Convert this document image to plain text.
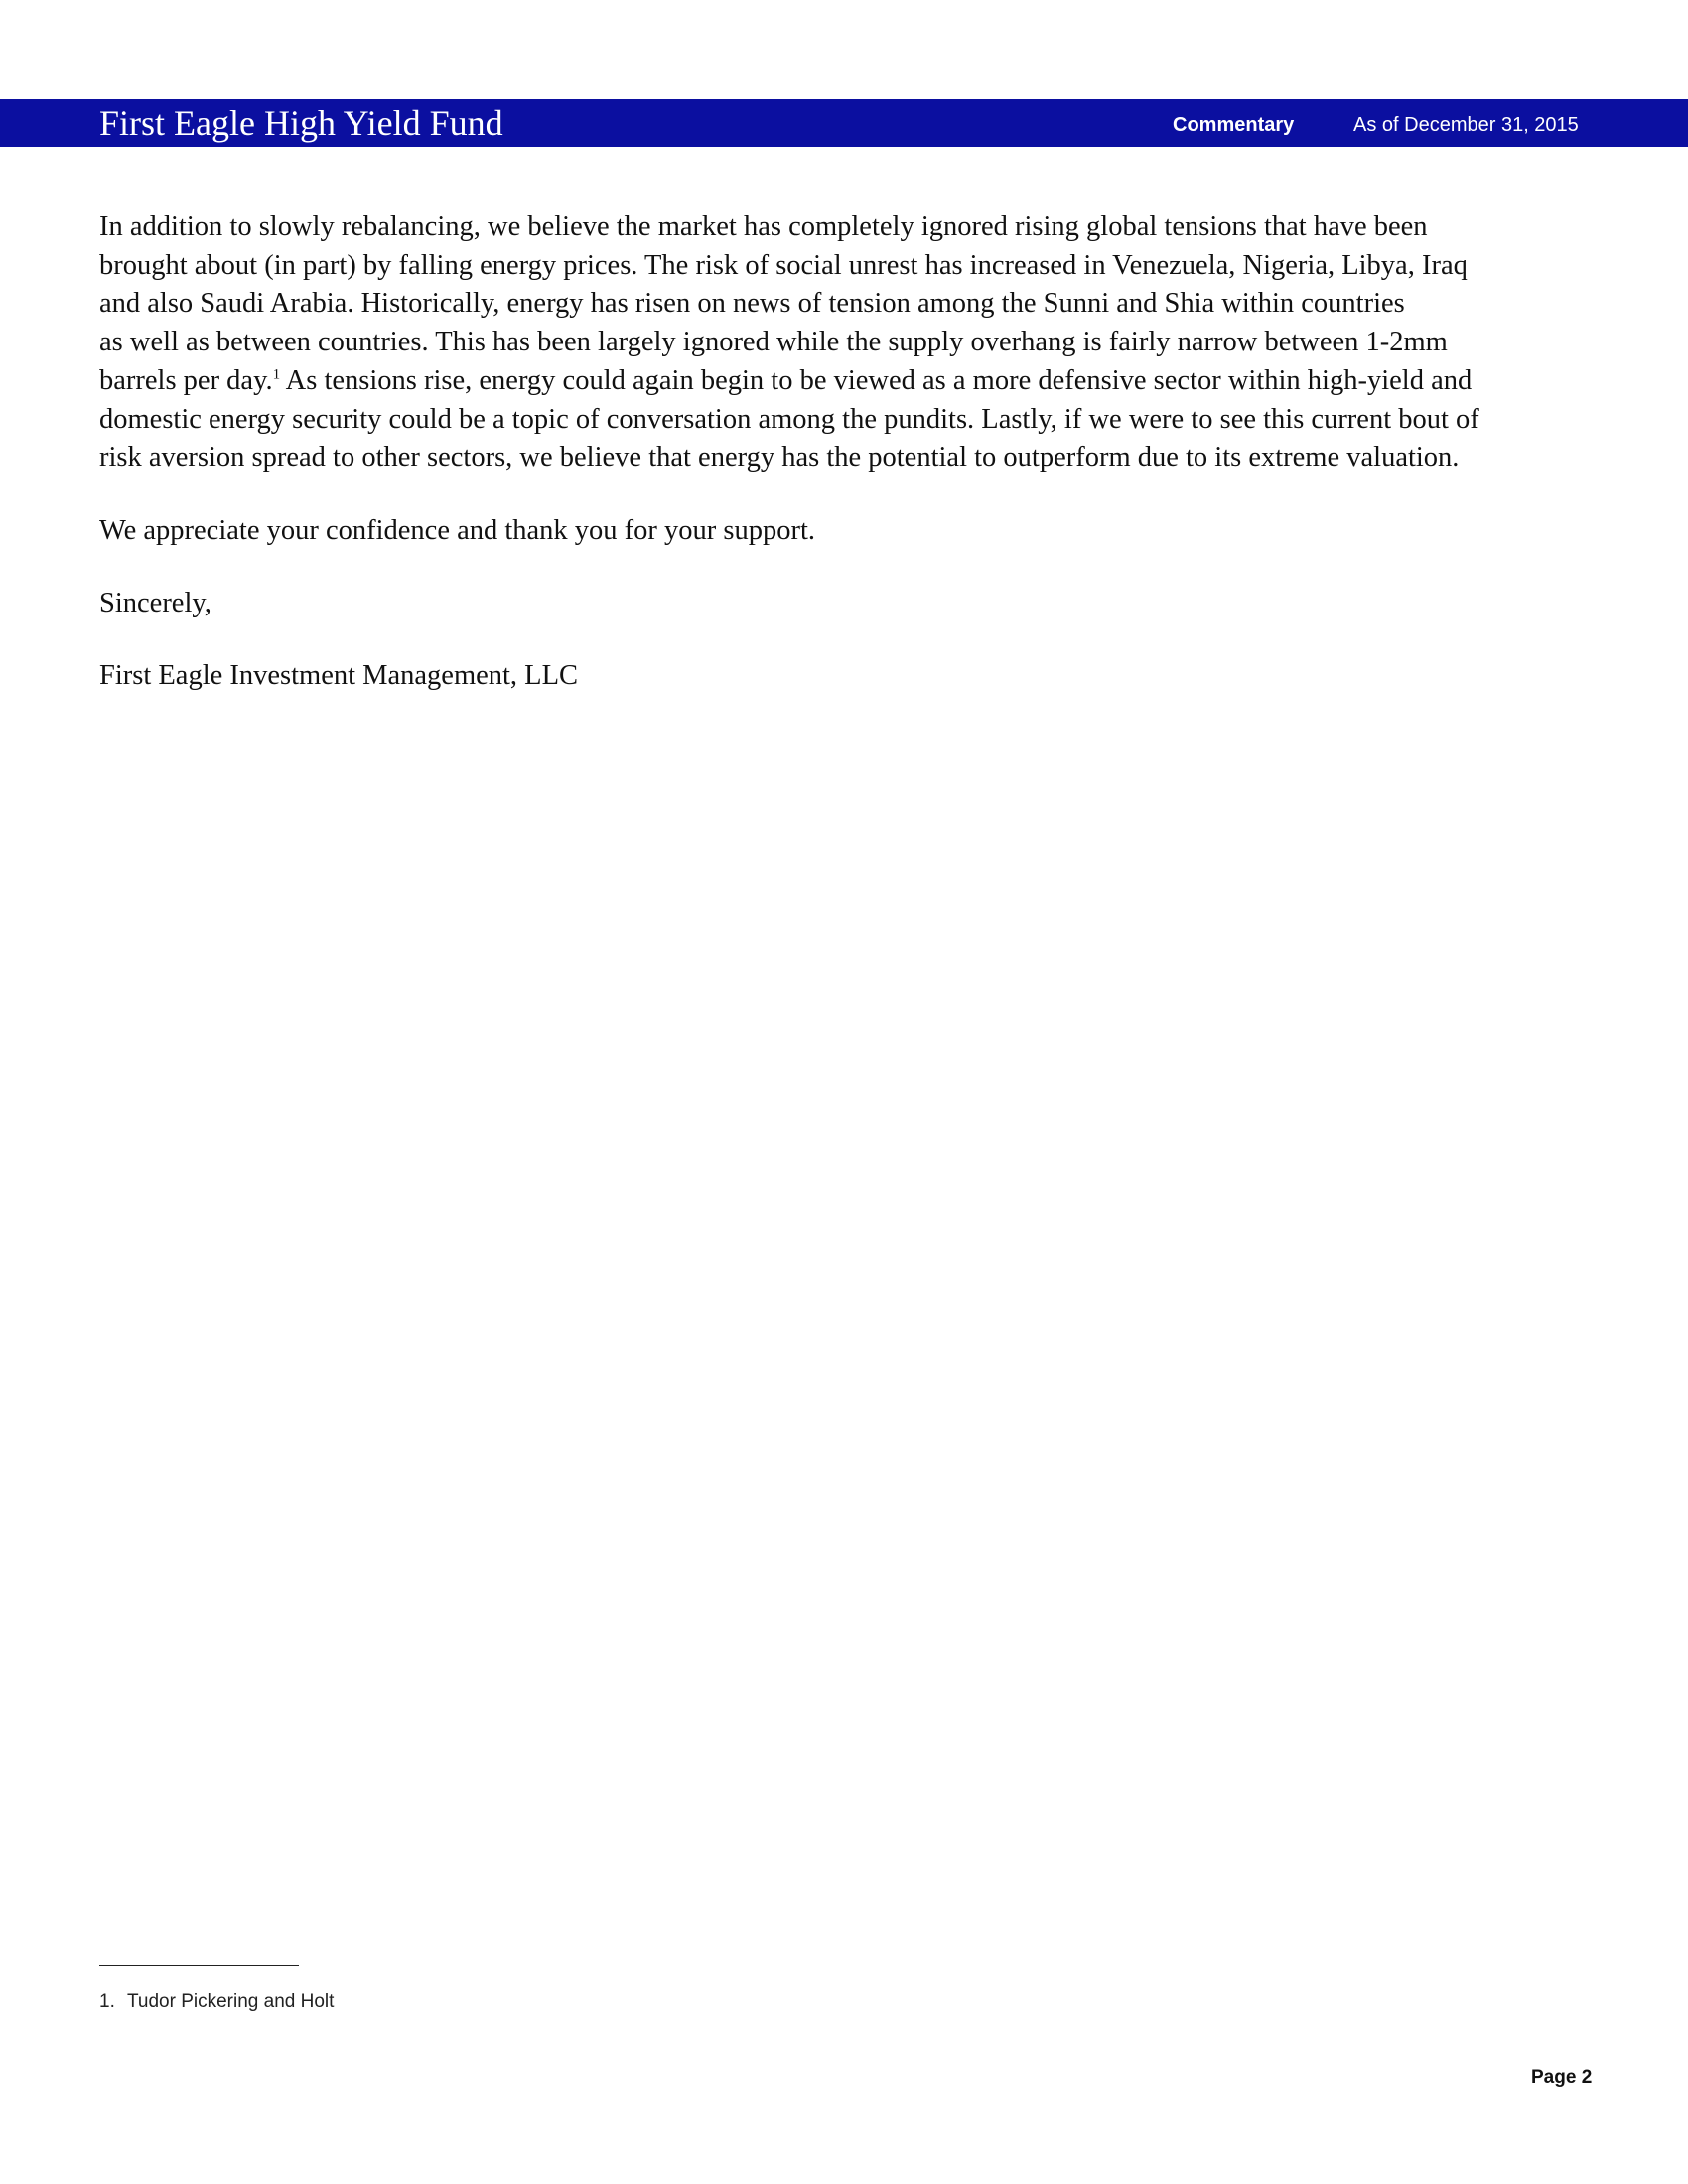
First Eagle High Yield Fund	Commentary	As of December 31, 2015
In addition to slowly rebalancing, we believe the market has completely ignored rising global tensions that have been
brought about (in part) by falling energy prices. The risk of social unrest has increased in Venezuela, Nigeria, Libya, Iraq
and also Saudi Arabia. Historically, energy has risen on news of tension among the Sunni and Shia within countries
as well as between countries. This has been largely ignored while the supply overhang is fairly narrow between 1-2mm
barrels per day.$^1$ As tensions rise, energy could again begin to be viewed as a more defensive sector within high-yield and
domestic energy security could be a topic of conversation among the pundits. Lastly, if we were to see this current bout of
risk aversion spread to other sectors, we believe that energy has the potential to outperform due to its extreme valuation.
We appreciate your confidence and thank you for your support.
Sincerely,
First Eagle Investment Management, LLC
1. Tudor Pickering and Holt
Page 2
